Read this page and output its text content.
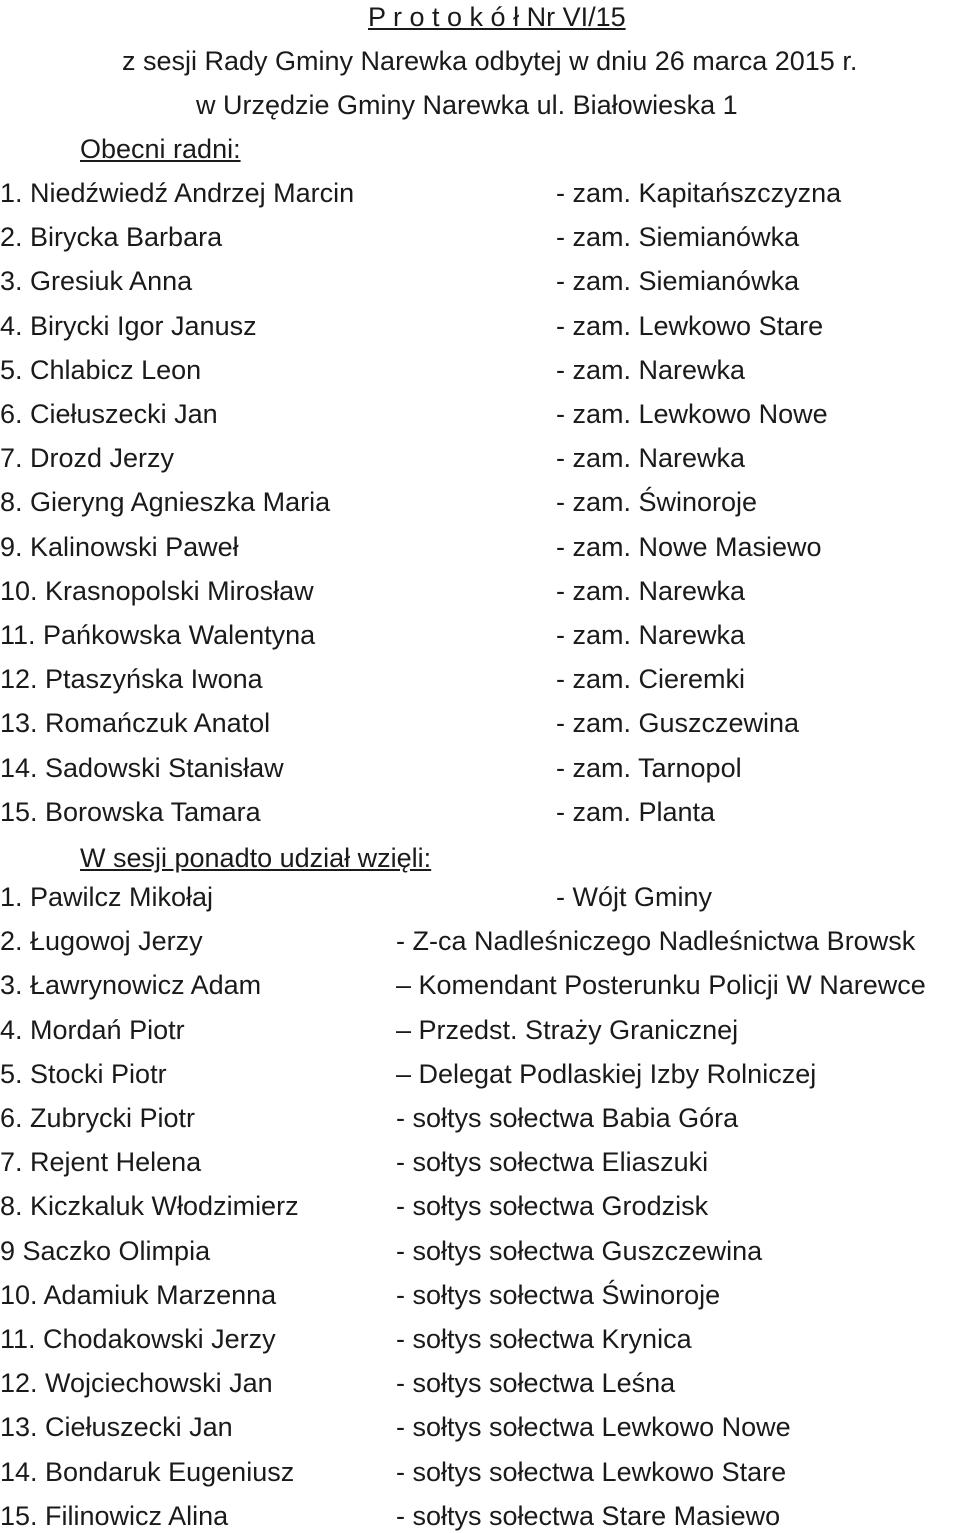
P r o t o k ó ł Nr VI/15
z sesji Rady Gminy Narewka odbytej w dniu 26 marca 2015 r.
w Urzędzie Gminy Narewka ul. Białowieska 1
Obecni radni:
1. Niedźwiedź Andrzej Marcin	- zam. Kapitańszczyzna
2. Birycka Barbara	- zam. Siemianówka
3. Gresiuk Anna	- zam. Siemianówka
4. Birycki Igor Janusz	- zam. Lewkowo Stare
5. Chlabicz Leon	- zam. Narewka
6. Ciełuszecki Jan	- zam. Lewkowo Nowe
7. Drozd Jerzy	- zam. Narewka
8. Gieryng Agnieszka Maria	- zam. Świnoroje
9. Kalinowski Paweł	- zam. Nowe Masiewo
10. Krasnopolski Mirosław	- zam. Narewka
11. Pańkowska Walentyna	- zam. Narewka
12. Ptaszyńska Iwona	- zam. Cieremki
13. Romańczuk Anatol	- zam. Guszczewina
14. Sadowski Stanisław	- zam. Tarnopol
15. Borowska Tamara	- zam. Planta
W sesji ponadto udział wzięli:
1. Pawilcz Mikołaj	- Wójt Gminy
2. Ługowoj Jerzy	- Z-ca Nadleśniczego Nadleśnictwa Browsk
3. Ławrynowicz Adam	– Komendant Posterunku Policji W Narewce
4. Mordań Piotr	– Przedst. Straży Granicznej
5. Stocki Piotr	– Delegat Podlaskiej Izby Rolniczej
6. Zubrycki Piotr	- sołtys sołectwa Babia Góra
7. Rejent Helena	- sołtys sołectwa Eliaszuki
8. Kiczkaluk Włodzimierz	- sołtys sołectwa Grodzisk
9 Saczko Olimpia	- sołtys sołectwa Guszczewina
10. Adamiuk Marzenna	- sołtys sołectwa Świnoroje
11. Chodakowski Jerzy	- sołtys sołectwa Krynica
12. Wojciechowski Jan	- sołtys sołectwa Leśna
13. Ciełuszecki Jan	- sołtys sołectwa Lewkowo Nowe
14. Bondaruk Eugeniusz	- sołtys sołectwa Lewkowo Stare
15. Filinowicz Alina	- sołtys sołectwa Stare Masiewo
